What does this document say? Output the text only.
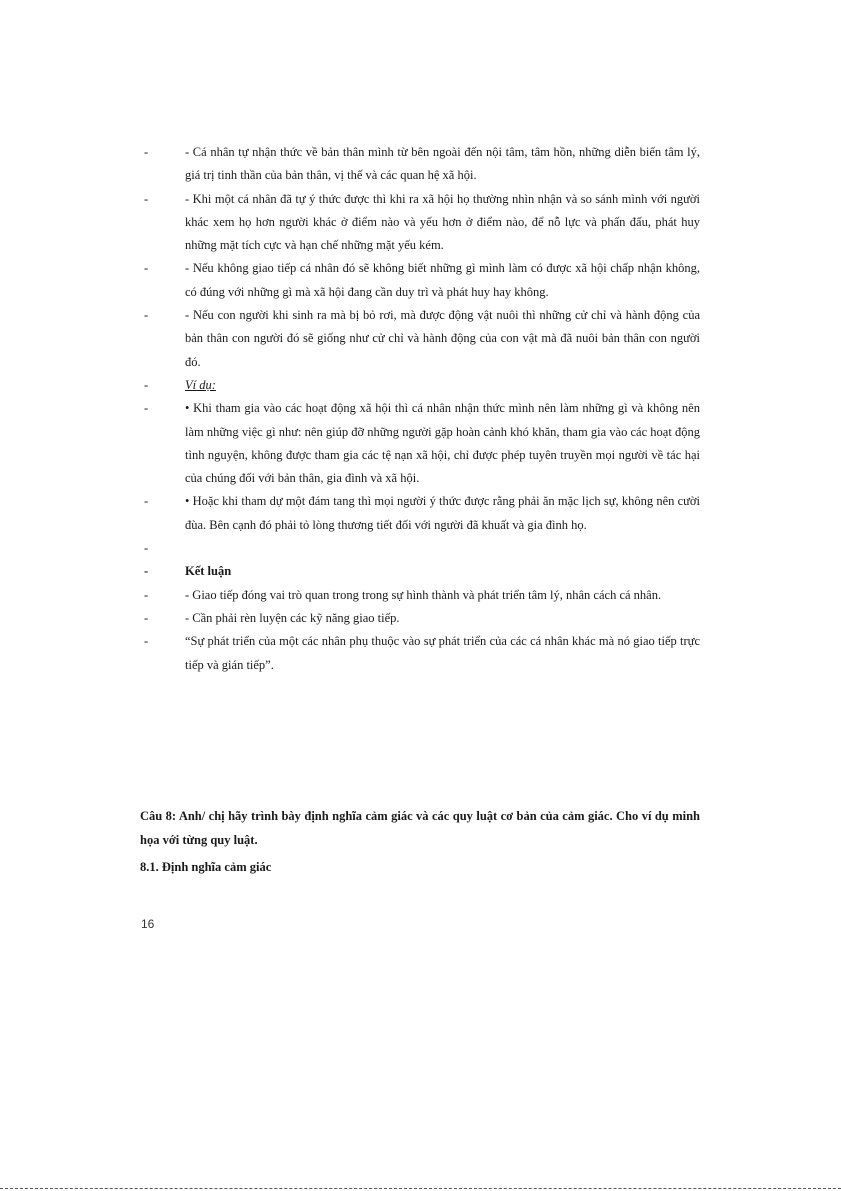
-	- Cá nhân tự nhận thức về bản thân mình từ bên ngoài đến nội tâm, tâm hồn, những diễn biến tâm lý, giá trị tinh thần của bản thân, vị thế và các quan hệ xã hội.
-	- Khi một cá nhân đã tự ý thức được thì khi ra xã hội họ thường nhìn nhận và so sánh mình với người khác xem họ hơn người khác ở điểm nào và yếu hơn ở điểm nào, để nỗ lực và phấn đấu, phát huy những mặt tích cực và hạn chế những mặt yếu kém.
-	- Nếu không giao tiếp cá nhân đó sẽ không biết những gì mình làm có được xã hội chấp nhận không, có đúng với những gì mà xã hội đang cần duy trì và phát huy hay không.
-	- Nếu con người khi sinh ra mà bị bỏ rơi, mà được động vật nuôi thì những cử chỉ và hành động của bản thân con người đó sẽ giống như cử chỉ và hành động của con vật mà đã nuôi bản thân con người đó.
-	Ví dụ:
-	• Khi tham gia vào các hoạt động xã hội thì cá nhân nhận thức mình nên làm những gì và không nên làm những việc gì như: nên giúp đỡ những người gặp hoàn cảnh khó khăn, tham gia vào các hoạt động tình nguyện, không được tham gia các tệ nạn xã hội, chỉ được phép tuyên truyền mọi người về tác hại của chúng đối với bản thân, gia đình và xã hội.
-	• Hoặc khi tham dự một đám tang thì mọi người ý thức được rằng phải ăn mặc lịch sự, không nên cười đùa. Bên cạnh đó phải tỏ lòng thương tiết đối với người đã khuất và gia đình họ.
-
-	Kết luận
-	- Giao tiếp đóng vai trò quan trong trong sự hình thành và phát triển tâm lý, nhân cách cá nhân.
-	- Cần phải rèn luyện các kỹ năng giao tiếp.
-	“Sự phát triển của một các nhân phụ thuộc vào sự phát triển của các cá nhân khác mà nó giao tiếp trực tiếp và gián tiếp”.

Câu 8: Anh/ chị hãy trình bày định nghĩa cảm giác và các quy luật cơ bản của cảm giác. Cho ví dụ minh họa với từng quy luật.

8.1. Định nghĩa cảm giác

16
